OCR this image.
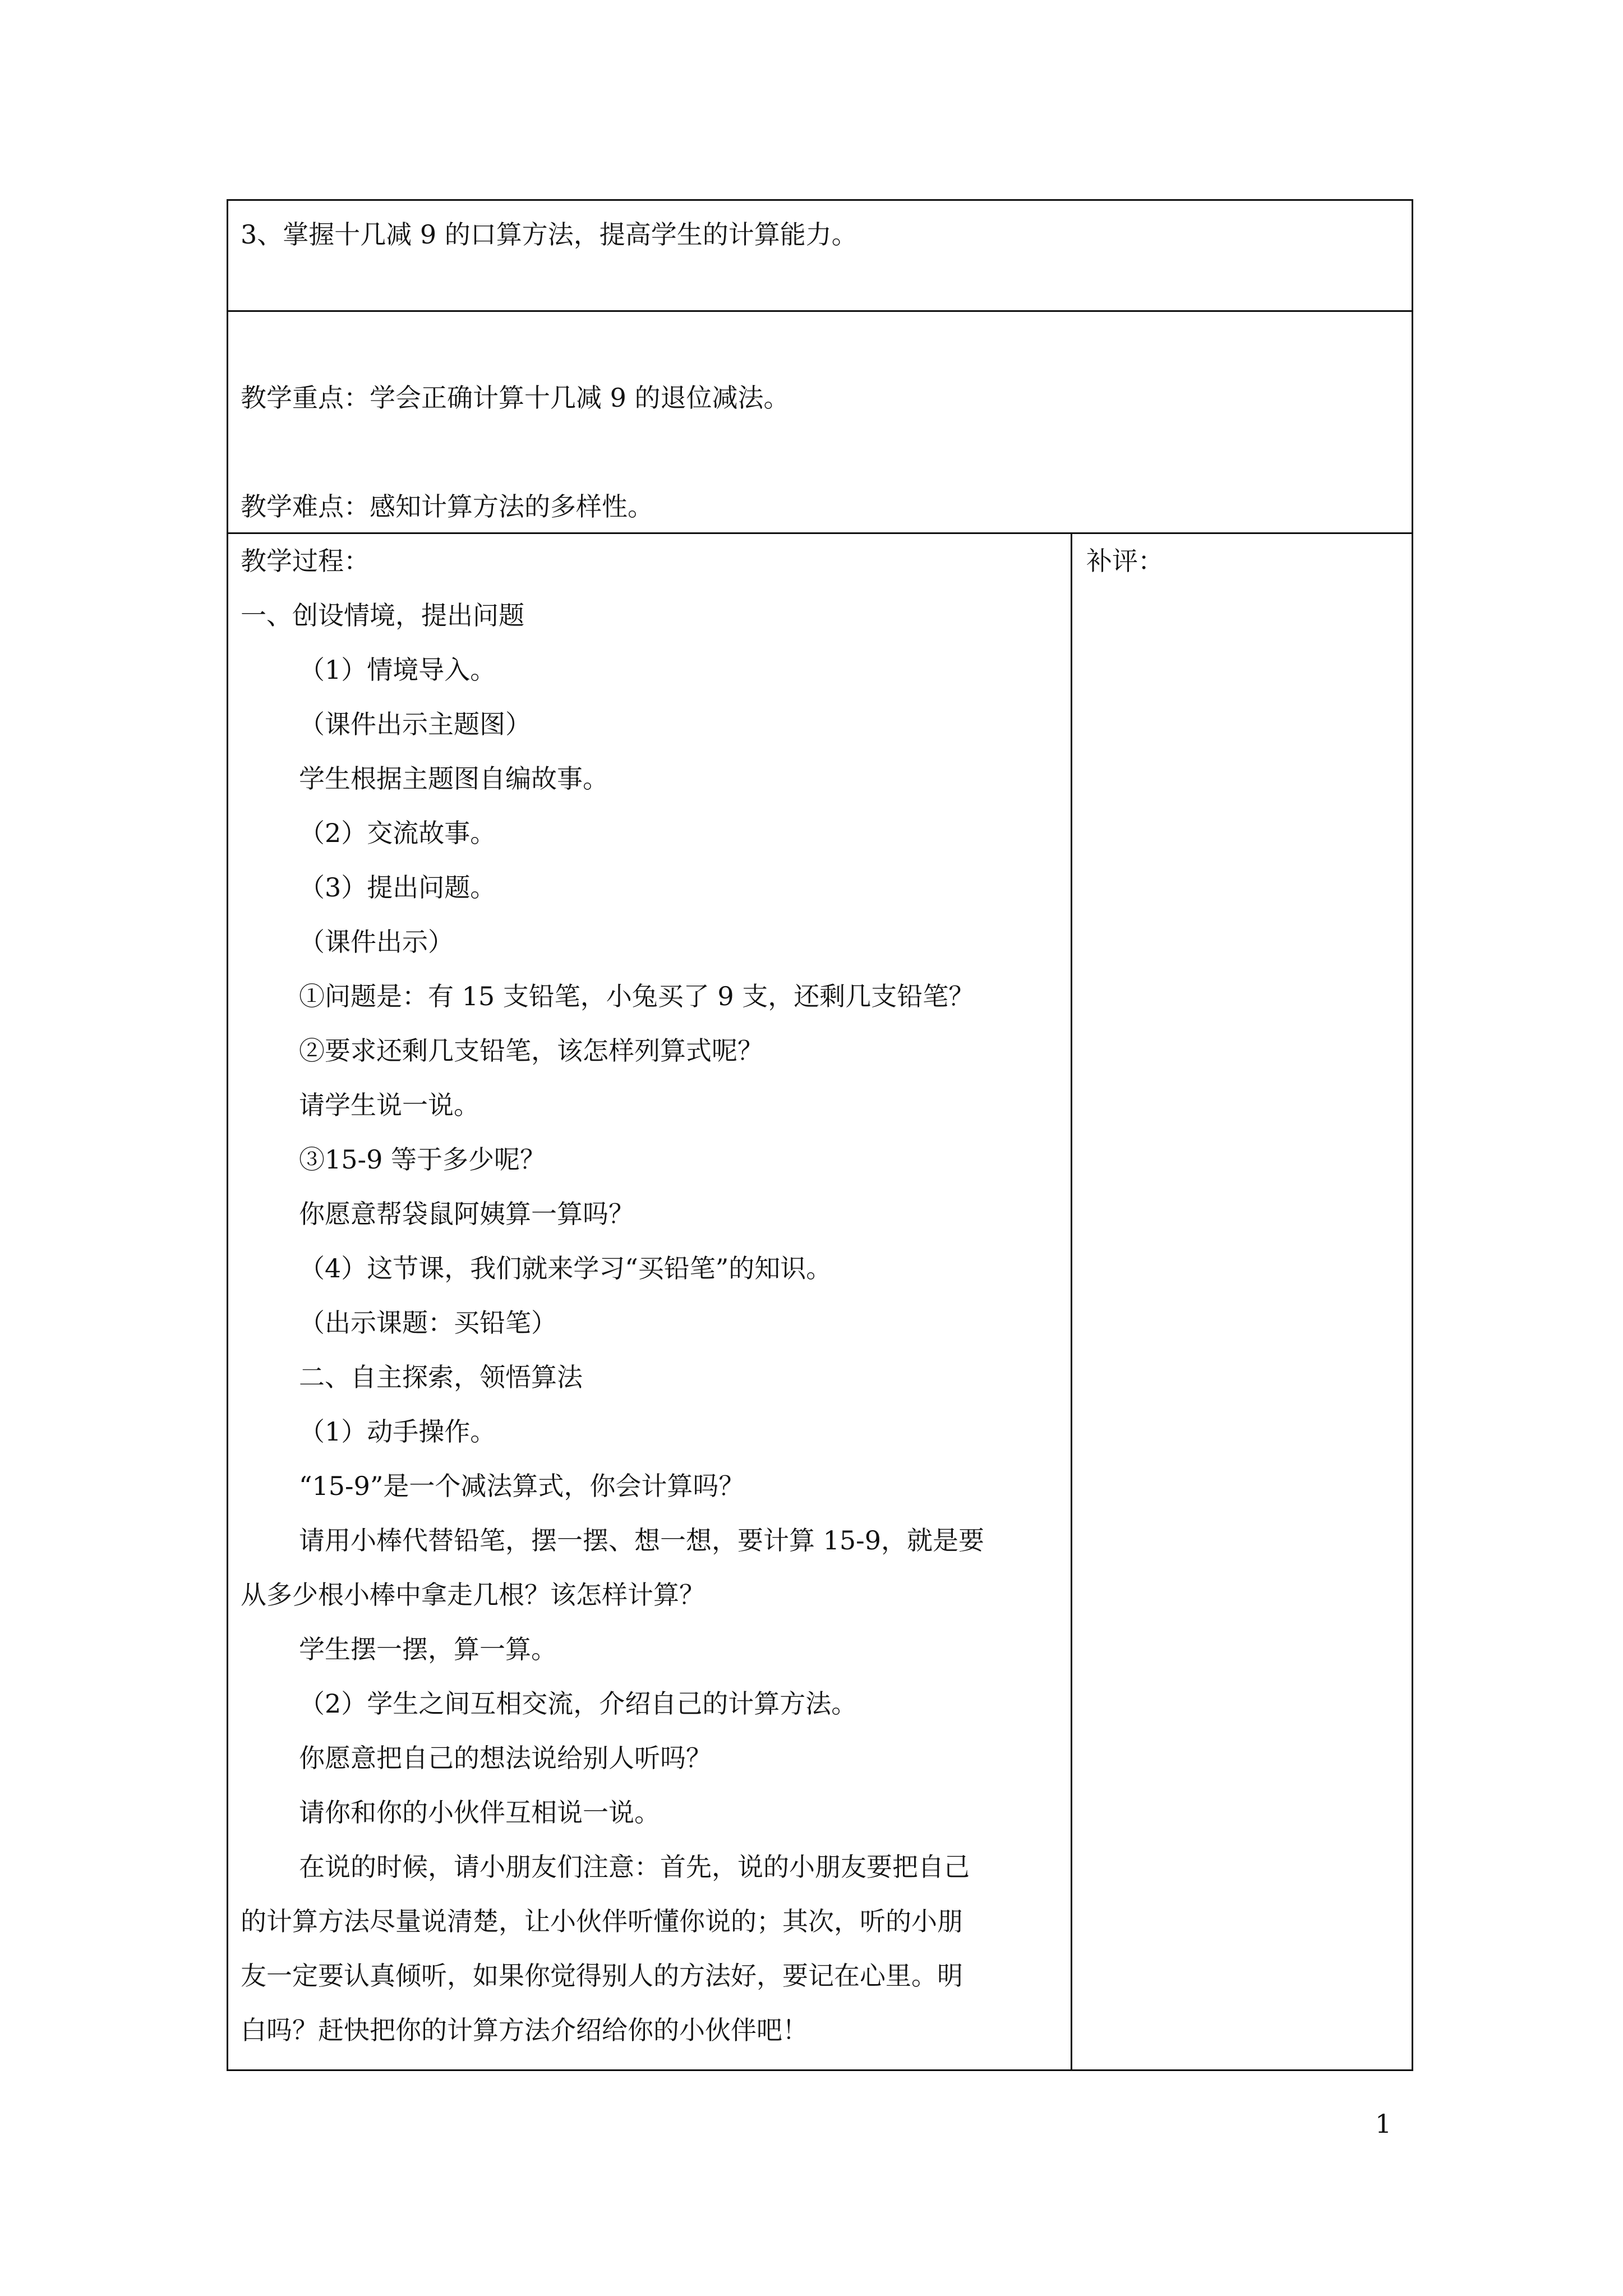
3、掌握十几减 9 的口算方法，提高学生的计算能力。
教学重点：学会正确计算十几减 9 的退位减法。
教学难点：感知计算方法的多样性。
教学过程：
一、创设情境，提出问题
（1）情境导入。
（课件出示主题图）
学生根据主题图自编故事。
（2）交流故事。
（3）提出问题。
（课件出示）
①问题是：有 15 支铅笔，小兔买了 9 支，还剩几支铅笔？
②要求还剩几支铅笔，该怎样列算式呢？
请学生说一说。
③15-9 等于多少呢？
你愿意帮袋鼠阿姨算一算吗？
（4）这节课，我们就来学习“买铅笔”的知识。
（出示课题：买铅笔）
二、自主探索，领悟算法
（1）动手操作。
“15-9”是一个减法算式，你会计算吗？
请用小棒代替铅笔，摆一摆、想一想，要计算 15-9，就是要
从多少根小棒中拿走几根？该怎样计算？
学生摆一摆，算一算。
（2）学生之间互相交流，介绍自己的计算方法。
你愿意把自己的想法说给别人听吗？
请你和你的小伙伴互相说一说。
在说的时候，请小朋友们注意：首先，说的小朋友要把自己
的计算方法尽量说清楚，让小伙伴听懂你说的；其次，听的小朋
友一定要认真倾听，如果你觉得别人的方法好，要记在心里。明
白吗？赶快把你的计算方法介绍给你的小伙伴吧！
补评：
1
